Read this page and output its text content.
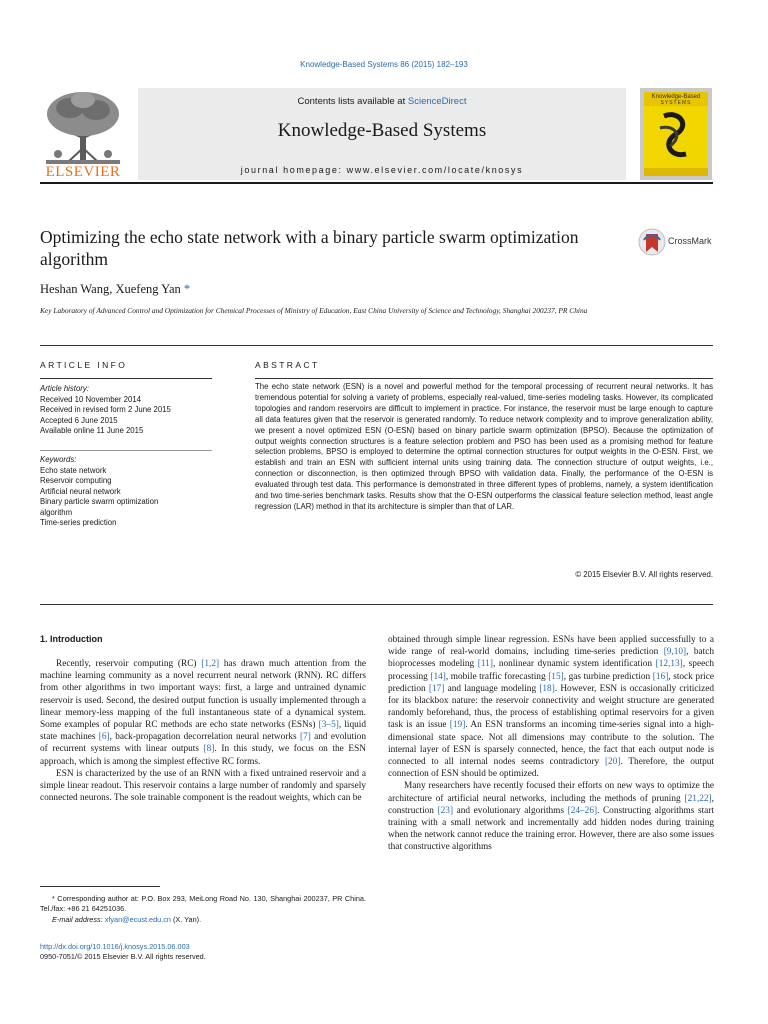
Knowledge-Based Systems 86 (2015) 182–193
ELSEVIER
Contents lists available at ScienceDirect
Knowledge-Based Systems
journal homepage: www.elsevier.com/locate/knosys
Knowledge-Based
SYSTEMS
Optimizing the echo state network with a binary particle swarm optimization algorithm
CrossMark
Heshan Wang, Xuefeng Yan *
Key Laboratory of Advanced Control and Optimization for Chemical Processes of Ministry of Education, East China University of Science and Technology, Shanghai 200237, PR China
ARTICLE INFO
Article history:
Received 10 November 2014
Received in revised form 2 June 2015
Accepted 6 June 2015
Available online 11 June 2015
Keywords:
Echo state network
Reservoir computing
Artificial neural network
Binary particle swarm optimization
algorithm
Time-series prediction
ABSTRACT
The echo state network (ESN) is a novel and powerful method for the temporal processing of recurrent neural networks. It has tremendous potential for solving a variety of problems, especially real-valued, time-series modeling tasks. However, its complicated topologies and random reservoirs are difficult to implement in practice. For instance, the reservoir must be large enough to capture all data features given that the reservoir is generated randomly. To reduce network complexity and to improve generalization ability, we present a novel optimized ESN (O-ESN) based on binary particle swarm optimization (BPSO). Because the optimization of output weights connection structures is a feature selection problem and PSO has been used as a promising method for feature selection problems, BPSO is employed to determine the optimal connection structures for output weights in the O-ESN. First, we establish and train an ESN with sufficient internal units using training data. The connection structure of output weights, i.e., connection or disconnection, is then optimized through BPSO with validation data. Finally, the performance of the O-ESN is evaluated through test data. This performance is demonstrated in three different types of problems, namely, a system identification and two time-series benchmark tasks. Results show that the O-ESN outperforms the classical feature selection method, least angle regression (LAR) method in that its architecture is simpler than that of LAR.
© 2015 Elsevier B.V. All rights reserved.
1. Introduction

Recently, reservoir computing (RC) [1,2] has drawn much attention from the machine learning community as a novel recurrent neural network (RNN). RC differs from other algorithms in two important ways: first, a large and untrained dynamic reservoir is used. Second, the desired output function is usually implemented through a linear memory-less mapping of the full instantaneous state of a dynamical system. Some examples of popular RC methods are echo state networks (ESNs) [3–5], liquid state machines [6], back-propagation decorrelation neural networks [7] and evolution of recurrent systems with linear outputs [8]. In this study, we focus on the ESN approach, which is among the simplest effective RC forms.

ESN is characterized by the use of an RNN with a fixed untrained reservoir and a simple linear readout. This reservoir contains a large number of randomly and sparsely connected neurons. The sole trainable component is the readout weights, which can be

obtained through simple linear regression. ESNs have been applied successfully to a wide range of real-world domains, including time-series prediction [9,10], batch bioprocesses modeling [11], nonlinear dynamic system identification [12,13], speech processing [14], mobile traffic forecasting [15], gas turbine prediction [16], stock price prediction [17] and language modeling [18]. However, ESN is occasionally criticized for its blackbox nature: the reservoir connectivity and weight structure are generated randomly beforehand, thus, the process of establishing optimal reservoirs for a given task is an issue [19]. An ESN transforms an incoming time-series signal into a high-dimensional state space. Not all dimensions may contribute to the solution. The internal layer of ESN is sparsely connected, hence, the fact that each output node is connected to all internal nodes seems contradictory [20]. Therefore, the output connection of ESN should be optimized.

Many researchers have recently focused their efforts on new ways to optimize the architecture of artificial neural networks, including the methods of pruning [21,22], construction [23] and evolutionary algorithms [24–26]. Constructing algorithms start training with a small network and incrementally add hidden nodes during training when the network cannot reduce the training error. However, there are also some issues that constructive algorithms

* Corresponding author at: P.O. Box 293, MeiLong Road No. 130, Shanghai 200237, PR China. Tel./fax: +86 21 64251036.
E-mail address: xfyan@ecust.edu.cn (X. Yan).
http://dx.doi.org/10.1016/j.knosys.2015.06.003
0950-7051/© 2015 Elsevier B.V. All rights reserved.
